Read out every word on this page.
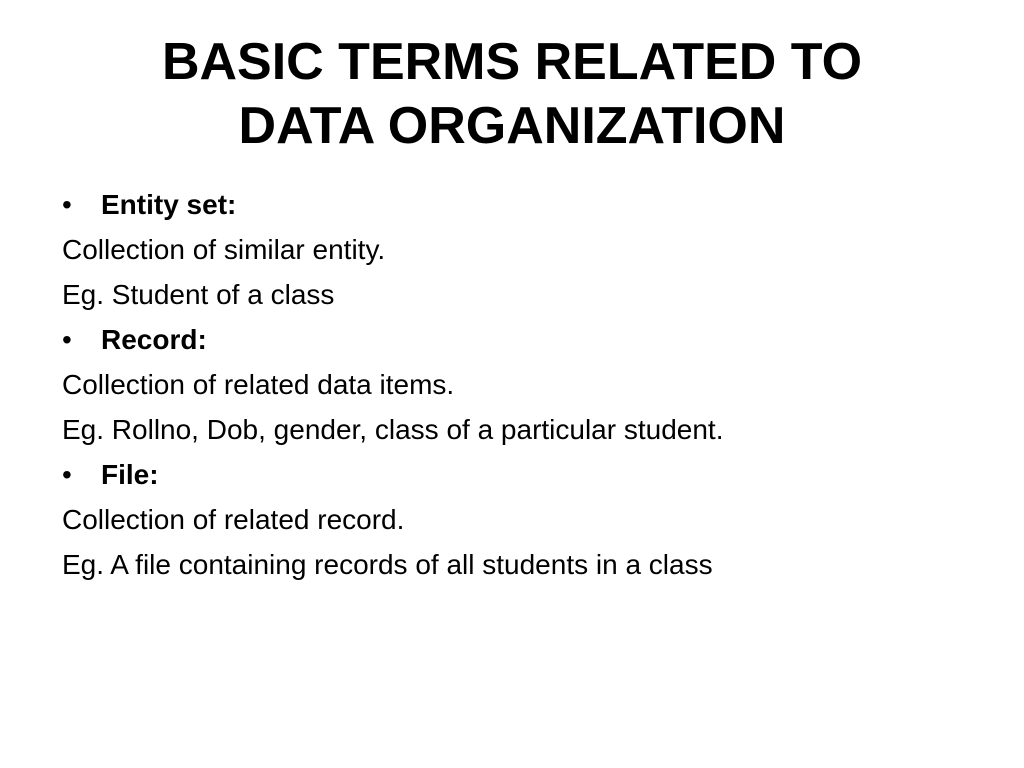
BASIC TERMS RELATED TO
DATA ORGANIZATION
• Entity set:
Collection of similar entity.
Eg. Student of a class
• Record:
Collection of related data items.
Eg. Rollno, Dob, gender, class of a particular student.
• File:
Collection of related record.
Eg. A file containing records of all students in a class
